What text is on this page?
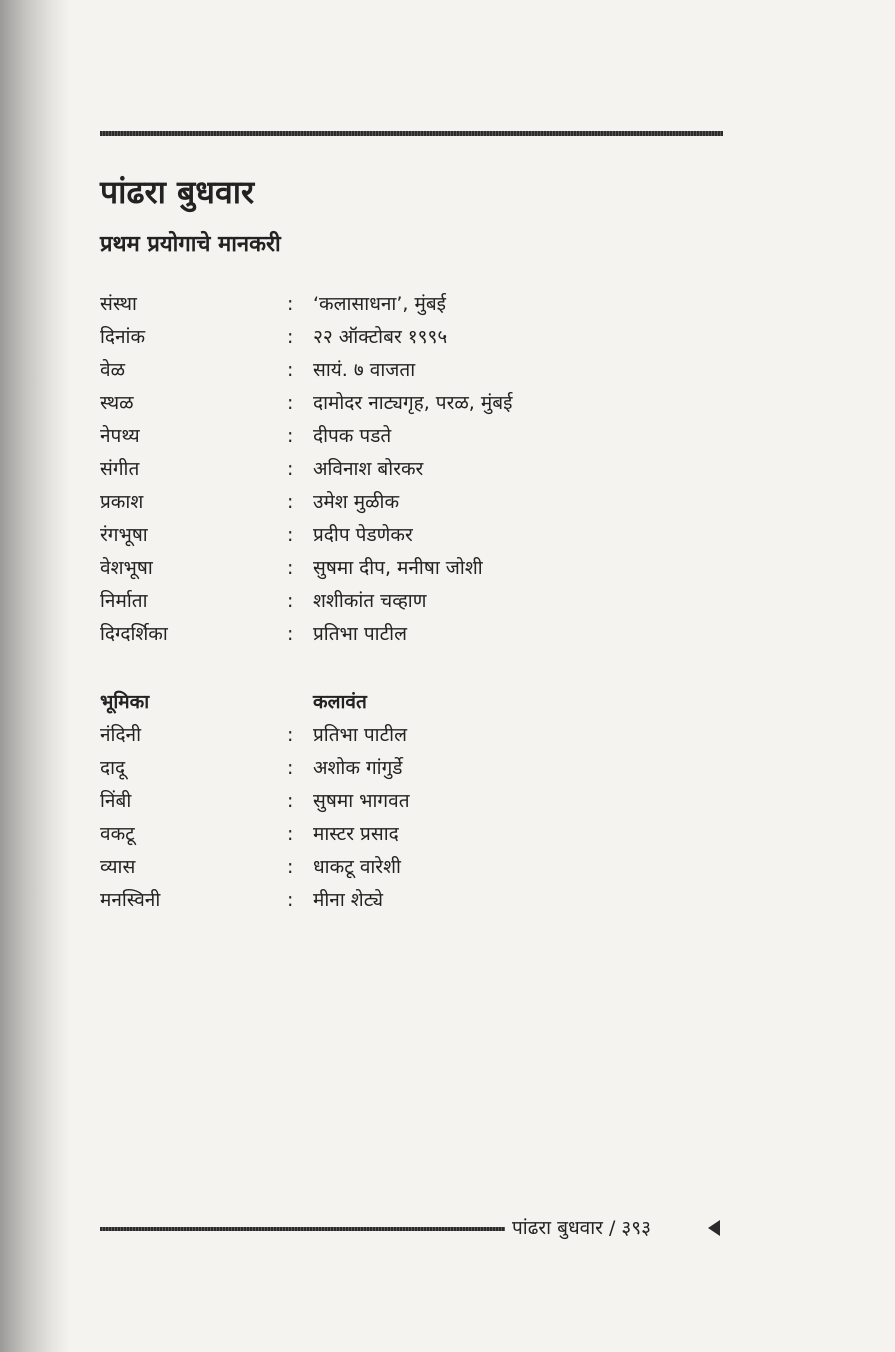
पांढरा बुधवार
प्रथम प्रयोगाचे मानकरी
संस्था	: ‘कलासाधना’, मुंबई
दिनांक	: २२ ऑक्टोबर १९९५
वेळ	: सायं. ७ वाजता
स्थळ	: दामोदर नाट्यगृह, परळ, मुंबई
नेपथ्य	: दीपक पडते
संगीत	: अविनाश बोरकर
प्रकाश	: उमेश मुळीक
रंगभूषा	: प्रदीप पेडणेकर
वेशभूषा	: सुषमा दीप, मनीषा जोशी
निर्माता	: शशीकांत चव्हाण
दिग्दर्शिका	: प्रतिभा पाटील
भूमिका	कलावंत
नंदिनी	: प्रतिभा पाटील
दादू	: अशोक गांगुर्डे
निंबी	: सुषमा भागवत
वकटू	: मास्टर प्रसाद
व्यास	: धाकटू वारेशी
मनस्विनी	: मीना शेट्ये
पांढरा बुधवार / ३९३
